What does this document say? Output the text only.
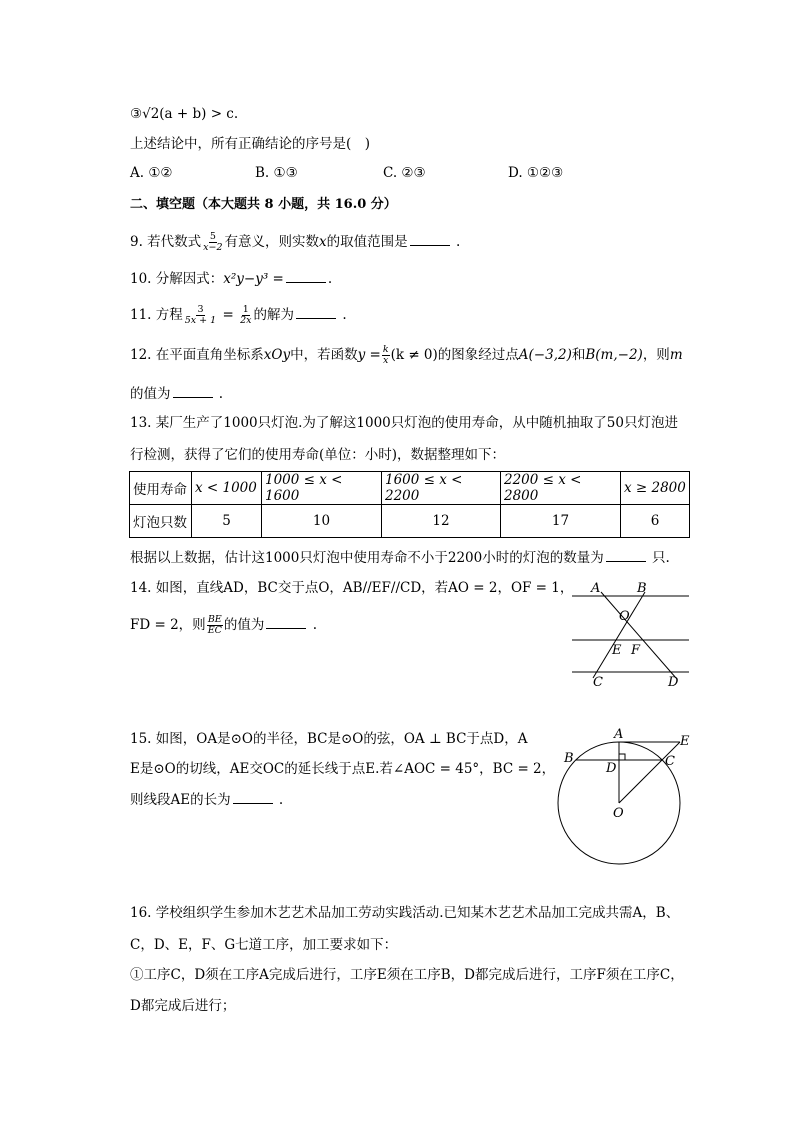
③√2(a + b) > c.
上述结论中，所有正确结论的序号是(　)
A. ①②	B. ①③	C. ②③	D. ①②③
二、填空题（本大题共 8 小题，共 16.0 分）
9. 若代数式 $\frac{5}{x-2}$ 有意义，则实数x的取值范围是	.
10. 分解因式：x²y−y³ =	.
11. 方程 $\frac{3}{5x + 1} = \frac{1}{2x}$ 的解为	.
12. 在平面直角坐标系xOy中，若函数$y = \frac{k}{x} (k \ne 0)$的图象经过点A(−3,2)和B(m,−2)，则m
的值为	.
13. 某厂生产了1000只灯泡.为了解这1000只灯泡的使用寿命，从中随机抽取了50只灯泡进
行检测，获得了它们的使用寿命(单位：小时)，数据整理如下：
使用寿命	x < 1000	1000 ≤ x < 1600	1600 ≤ x < 2200	2200 ≤ x < 2800	x ≥ 2800
灯泡只数	5	10	12	17	6
根据以上数据，估计这1000只灯泡中使用寿命不小于2200小时的灯泡的数量为	只.
14. 如图，直线AD，BC交于点O，AB//EF//CD，若AO = 2，OF = 1，
FD = 2，则 $\frac{BE}{EC}$ 的值为	.
A	B
O
E F
C	D
15. 如图，OA是⊙O的半径，BC是⊙O的弦，OA ⊥ BC于点D，A
E是⊙O的切线，AE交OC的延长线于点E.若∠AOC = 45°，BC = 2，
则线段AE的长为	.
A	E
B
D	C
O
16. 学校组织学生参加木艺艺术品加工劳动实践活动.已知某木艺艺术品加工完成共需A，B、
C，D、E，F、G七道工序，加工要求如下：
①工序C，D须在工序A完成后进行，工序E须在工序B，D都完成后进行，工序F须在工序C，
D都完成后进行；
